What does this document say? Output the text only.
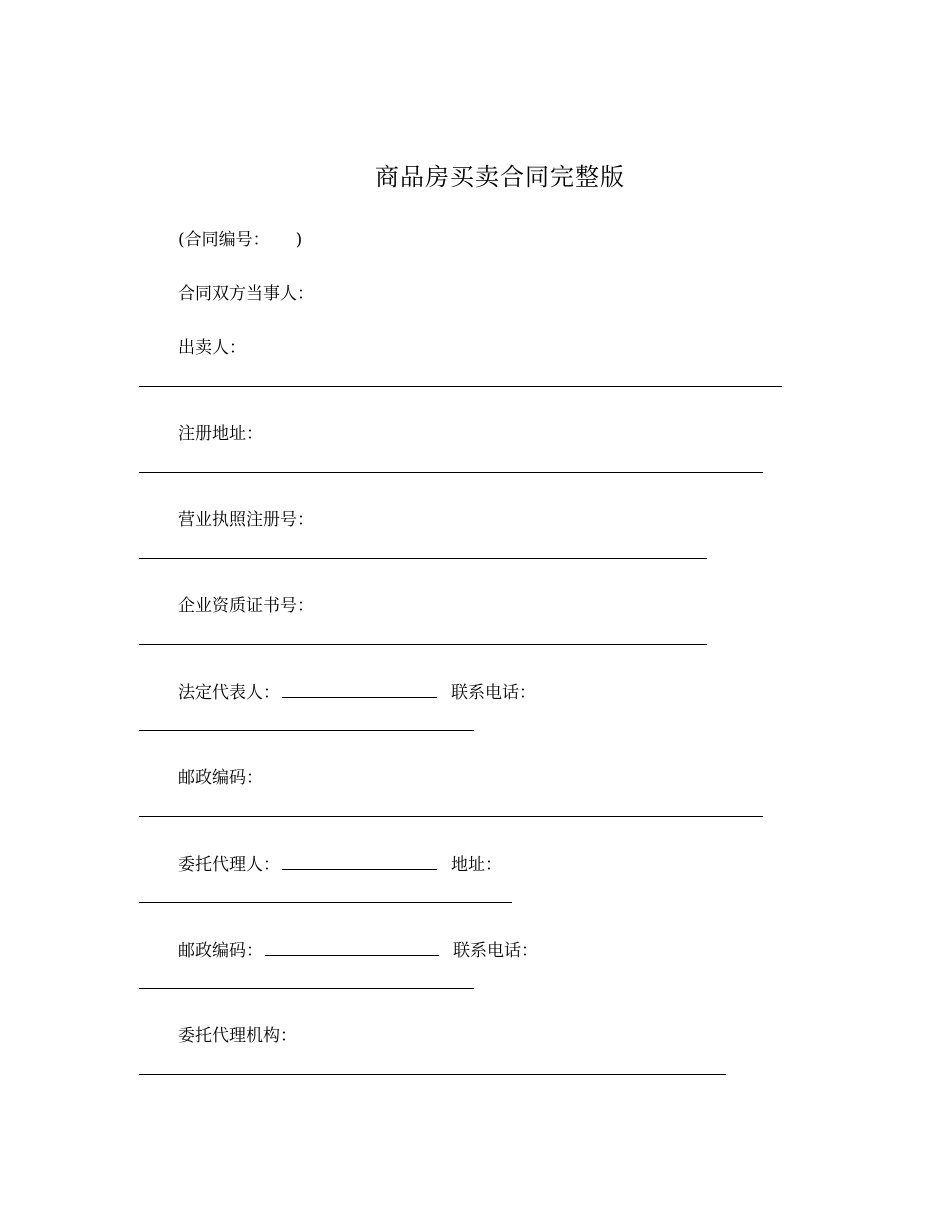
商品房买卖合同完整版
(合同编号： )
合同双方当事人：
出卖人：
注册地址：
营业执照注册号：
企业资质证书号：
法定代表人：	联系电话：
邮政编码：
委托代理人：	地址：
邮政编码：	联系电话：
委托代理机构：
